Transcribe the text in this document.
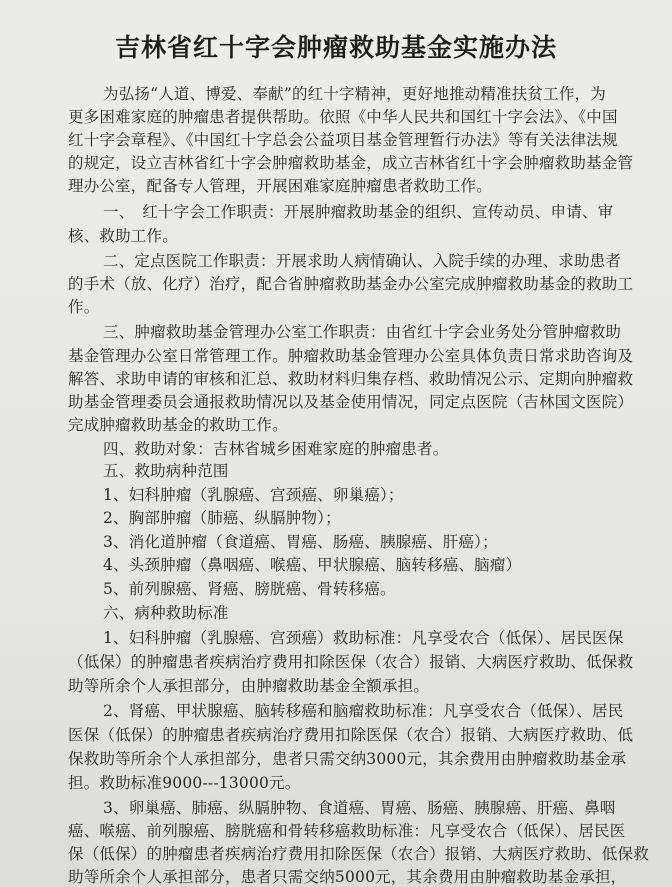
吉林省红十字会肿瘤救助基金实施办法
为弘扬“人道、博爱、奉献”的红十字精神，更好地推动精准扶贫工作，为
更多困难家庭的肿瘤患者提供帮助。依照《中华人民共和国红十字会法》、《中国
红十字会章程》、《中国红十字总会公益项目基金管理暂行办法》等有关法律法规
的规定，设立吉林省红十字会肿瘤救助基金，成立吉林省红十字会肿瘤救助基金管
理办公室，配备专人管理，开展困难家庭肿瘤患者救助工作。
一、　红十字会工作职责：开展肿瘤救助基金的组织、宣传动员、申请、审
核、救助工作。
二、定点医院工作职责：开展求助人病情确认、入院手续的办理、求助患者
的手术（放、化疗）治疗，配合省肿瘤救助基金办公室完成肿瘤救助基金的救助工
作。
三、肿瘤救助基金管理办公室工作职责：由省红十字会业务处分管肿瘤救助
基金管理办公室日常管理工作。肿瘤救助基金管理办公室具体负责日常求助咨询及
解答、求助申请的审核和汇总、救助材料归集存档、救助情况公示、定期向肿瘤救
助基金管理委员会通报救助情况以及基金使用情况，同定点医院（吉林国文医院）
完成肿瘤救助基金的救助工作。
四、救助对象：吉林省城乡困难家庭的肿瘤患者。
五、救助病种范围
1、妇科肿瘤（乳腺癌、宫颈癌、卵巢癌）；
2、胸部肿瘤（肺癌、纵膈肿物）；
3、消化道肿瘤（食道癌、胃癌、肠癌、胰腺癌、肝癌）；
4、头颈肿瘤（鼻咽癌、喉癌、甲状腺癌、脑转移癌、脑瘤）
5、前列腺癌、肾癌、膀胱癌、骨转移癌。
六、病种救助标准
1、妇科肿瘤（乳腺癌、宫颈癌）救助标准：凡享受农合（低保）、居民医保
（低保）的肿瘤患者疾病治疗费用扣除医保（农合）报销、大病医疗救助、低保救
助等所余个人承担部分，由肿瘤救助基金全额承担。
2、肾癌、甲状腺癌、脑转移癌和脑瘤救助标准：凡享受农合（低保）、居民
医保（低保）的肿瘤患者疾病治疗费用扣除医保（农合）报销、大病医疗救助、低
保救助等所余个人承担部分，患者只需交纳3000元，其余费用由肿瘤救助基金承
担。救助标准9000---13000元。
3、卵巢癌、肺癌、纵膈肿物、食道癌、胃癌、肠癌、胰腺癌、肝癌、鼻咽
癌、喉癌、前列腺癌、膀胱癌和骨转移癌救助标准：凡享受农合（低保）、居民医
保（低保）的肿瘤患者疾病治疗费用扣除医保（农合）报销、大病医疗救助、低保救
助等所余个人承担部分，患者只需交纳5000元，其余费用由肿瘤救助基金承担，
